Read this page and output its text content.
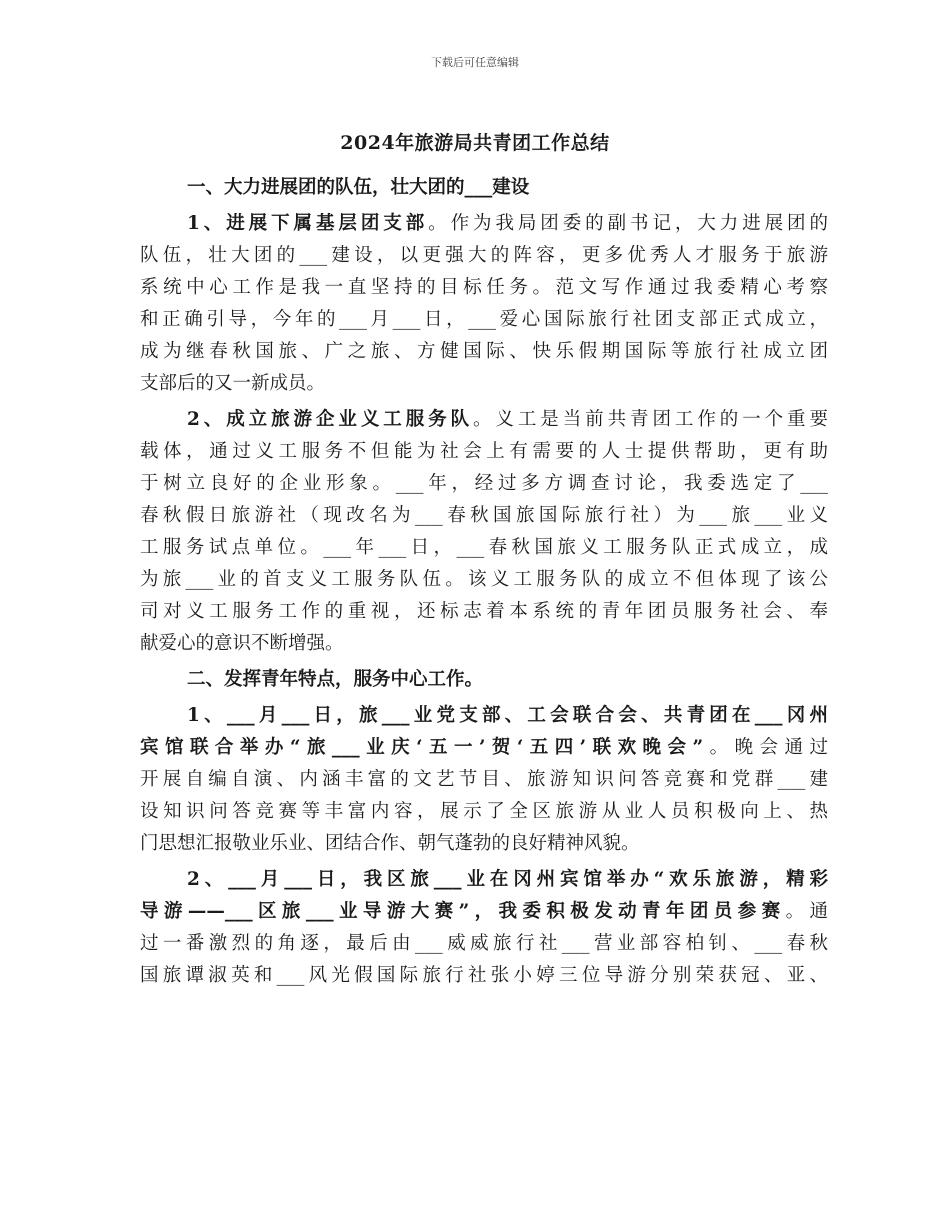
下载后可任意编辑
2024年旅游局共青团工作总结
一、大力进展团的队伍，壮大团的___建设
1、进展下属基层团支部。作为我局团委的副书记，大力进展团的
队伍，壮大团的___建设，以更强大的阵容，更多优秀人才服务于旅游
系统中心工作是我一直坚持的目标任务。范文写作通过我委精心考察
和正确引导，今年的___月___日，___爱心国际旅行社团支部正式成立，
成为继春秋国旅、广之旅、方健国际、快乐假期国际等旅行社成立团
支部后的又一新成员。
2、成立旅游企业义工服务队。义工是当前共青团工作的一个重要
载体，通过义工服务不但能为社会上有需要的人士提供帮助，更有助
于树立良好的企业形象。___年，经过多方调查讨论，我委选定了___
春秋假日旅游社（现改名为___春秋国旅国际旅行社）为___旅___业义
工服务试点单位。___年___日，___春秋国旅义工服务队正式成立，成
为旅___业的首支义工服务队伍。该义工服务队的成立不但体现了该公
司对义工服务工作的重视，还标志着本系统的青年团员服务社会、奉
献爱心的意识不断增强。
二、发挥青年特点，服务中心工作。
1、___月___日，旅___业党支部、工会联合会、共青团在___冈州
宾馆联合举办“旅___业庆‘五一’贺‘五四’联欢晚会”。晚会通过
开展自编自演、内涵丰富的文艺节目、旅游知识问答竞赛和党群___建
设知识问答竞赛等丰富内容，展示了全区旅游从业人员积极向上、热
门思想汇报敬业乐业、团结合作、朝气蓬勃的良好精神风貌。
2、___月___日，我区旅___业在冈州宾馆举办“欢乐旅游，精彩
导游——___区旅___业导游大赛”，我委积极发动青年团员参赛。通
过一番激烈的角逐，最后由___威威旅行社___营业部容柏钊、___春秋
国旅谭淑英和___风光假国际旅行社张小婷三位导游分别荣获冠、亚、
